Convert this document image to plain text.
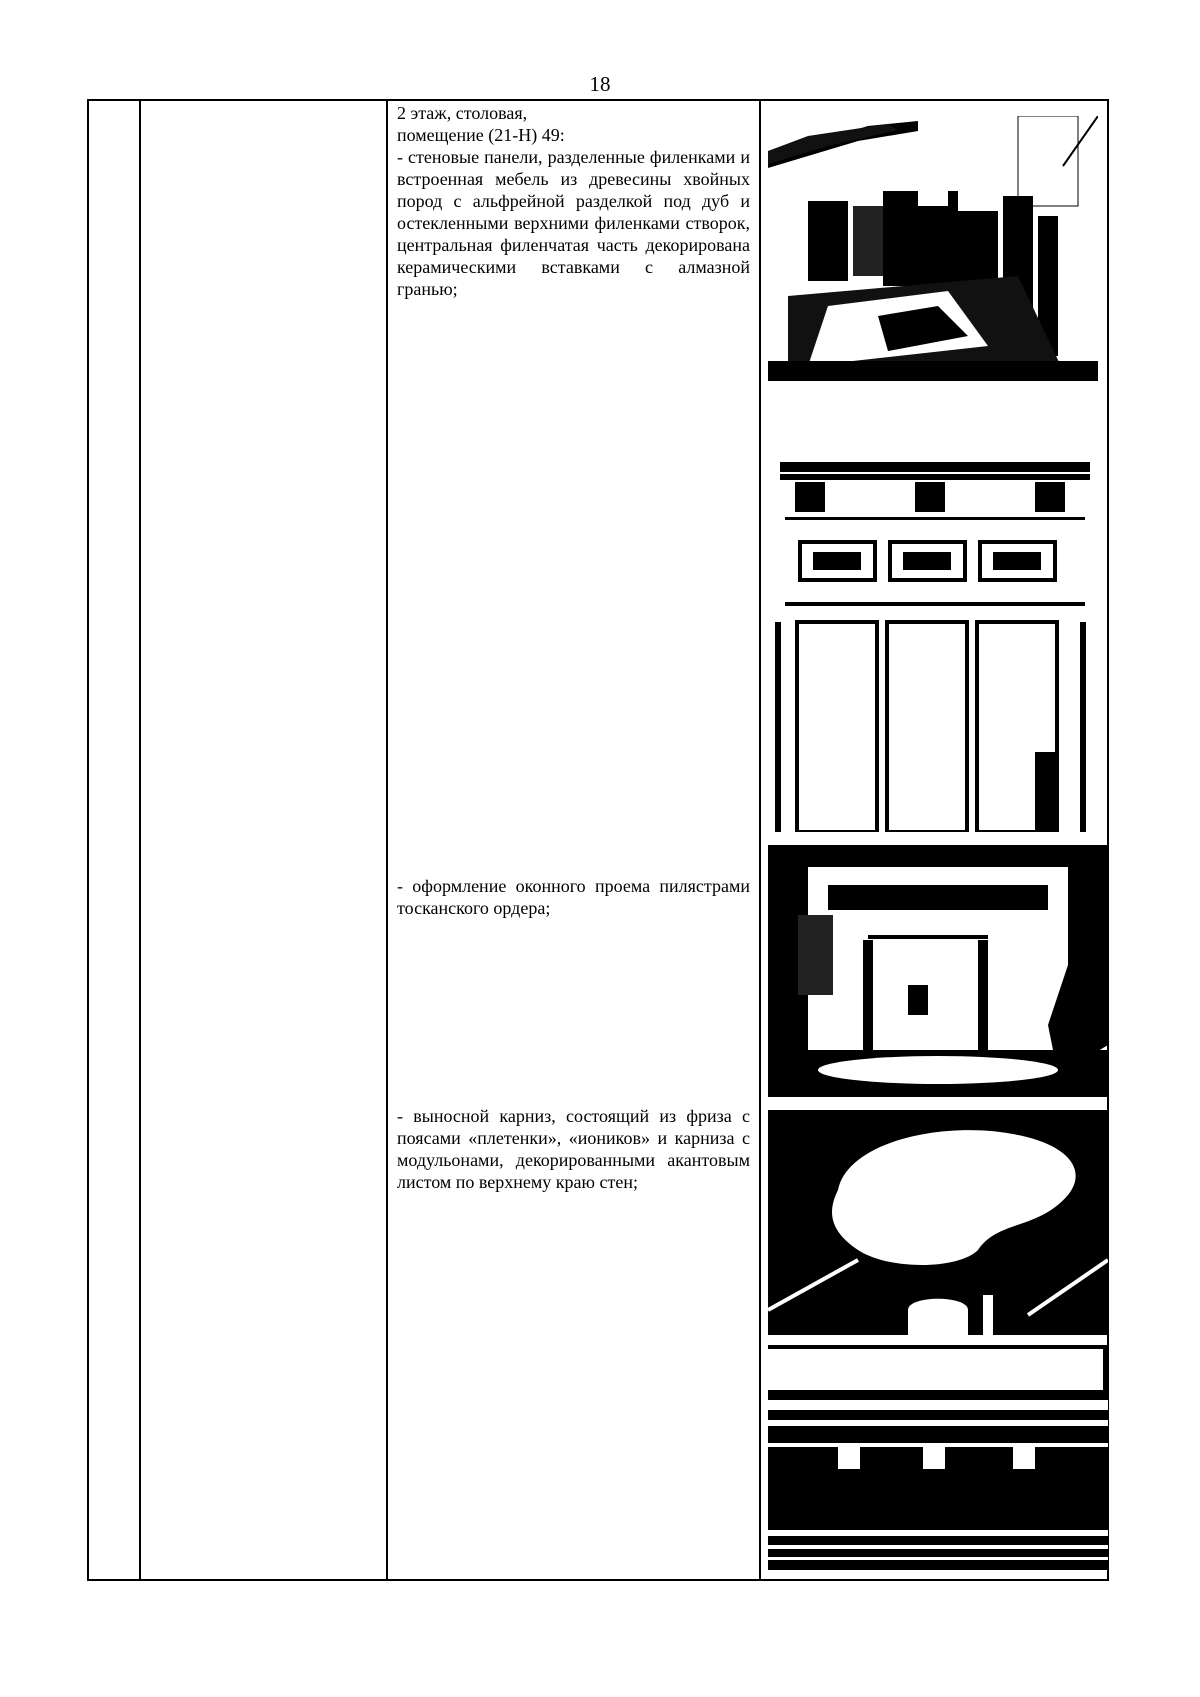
18

2 этаж, столовая,

помещение (21-Н) 49:

- стеновые панели, разделенные филенками и встроенная мебель из древесины хвойных пород с альфрейной разделкой под дуб и остекленными верхними филенками створок, центральная филенчатая часть декорирована керамическими вставками с алмазной гранью;

- оформление оконного проема пилястрами тосканского ордера;

- выносной карниз, состоящий из фриза с поясами «плетенки», «иоников» и карниза с модульонами, декорированными акантовым листом по верхнему краю стен;
